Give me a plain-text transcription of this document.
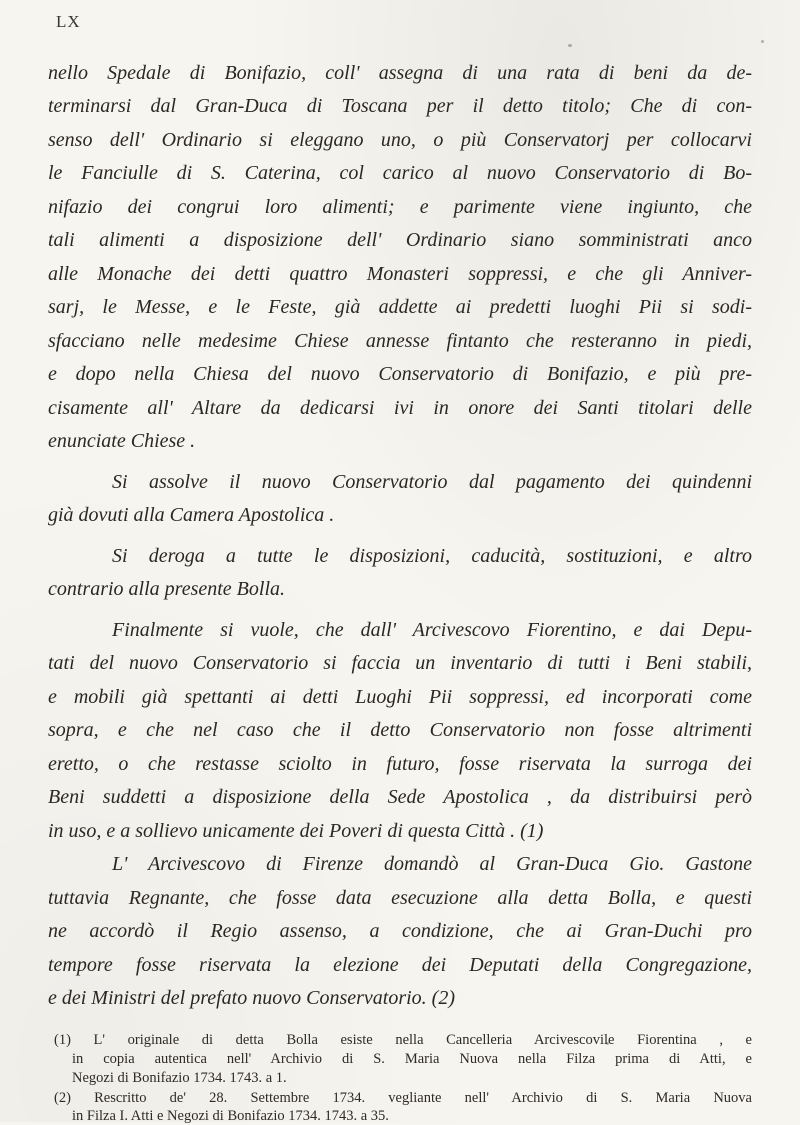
LX
nello Spedale di Bonifazio, coll' assegna di una rata di beni da de-
terminarsi dal Gran-Duca di Toscana per il detto titolo; Che di con-
senso dell' Ordinario si eleggano uno, o più Conservatorj per collocarvi
le Fanciulle di S. Caterina, col carico al nuovo Conservatorio di Bo-
nifazio dei congrui loro alimenti; e parimente viene ingiunto, che
tali alimenti a disposizione dell' Ordinario siano somministrati anco
alle Monache dei detti quattro Monasteri soppressi, e che gli Anniver-
sarj, le Messe, e le Feste, già addette ai predetti luoghi Pii si sodi-
sfacciano nelle medesime Chiese annesse fintanto che resteranno in piedi,
e dopo nella Chiesa del nuovo Conservatorio di Bonifazio, e più pre-
cisamente all' Altare da dedicarsi ivi in onore dei Santi titolari delle
enunciate Chiese .
Si assolve il nuovo Conservatorio dal pagamento dei quindenni
già dovuti alla Camera Apostolica .
Si deroga a tutte le disposizioni, caducità, sostituzioni, e altro
contrario alla presente Bolla.
Finalmente si vuole, che dall' Arcivescovo Fiorentino, e dai Depu-
tati del nuovo Conservatorio si faccia un inventario di tutti i Beni stabili,
e mobili già spettanti ai detti Luoghi Pii soppressi, ed incorporati come
sopra, e che nel caso che il detto Conservatorio non fosse altrimenti
eretto, o che restasse sciolto in futuro, fosse riservata la surroga dei
Beni suddetti a disposizione della Sede Apostolica , da distribuirsi però
in uso, e a sollievo unicamente dei Poveri di questa Città . (1)
L' Arcivescovo di Firenze domandò al Gran-Duca Gio. Gastone
tuttavia Regnante, che fosse data esecuzione alla detta Bolla, e questi
ne accordò il Regio assenso, a condizione, che ai Gran-Duchi pro
tempore fosse riservata la elezione dei Deputati della Congregazione,
e dei Ministri del prefato nuovo Conservatorio. (2)
(1) L' originale di detta Bolla esiste nella Cancelleria Arcivescovile Fiorentina , e
in copia autentica nell' Archivio di S. Maria Nuova nella Filza prima di Atti, e
Negozi di Bonifazio 1734. 1743. a 1.
(2) Rescritto de' 28. Settembre 1734. vegliante nell' Archivio di S. Maria Nuova
in Filza I. Atti e Negozi di Bonifazio 1734. 1743. a 35.
